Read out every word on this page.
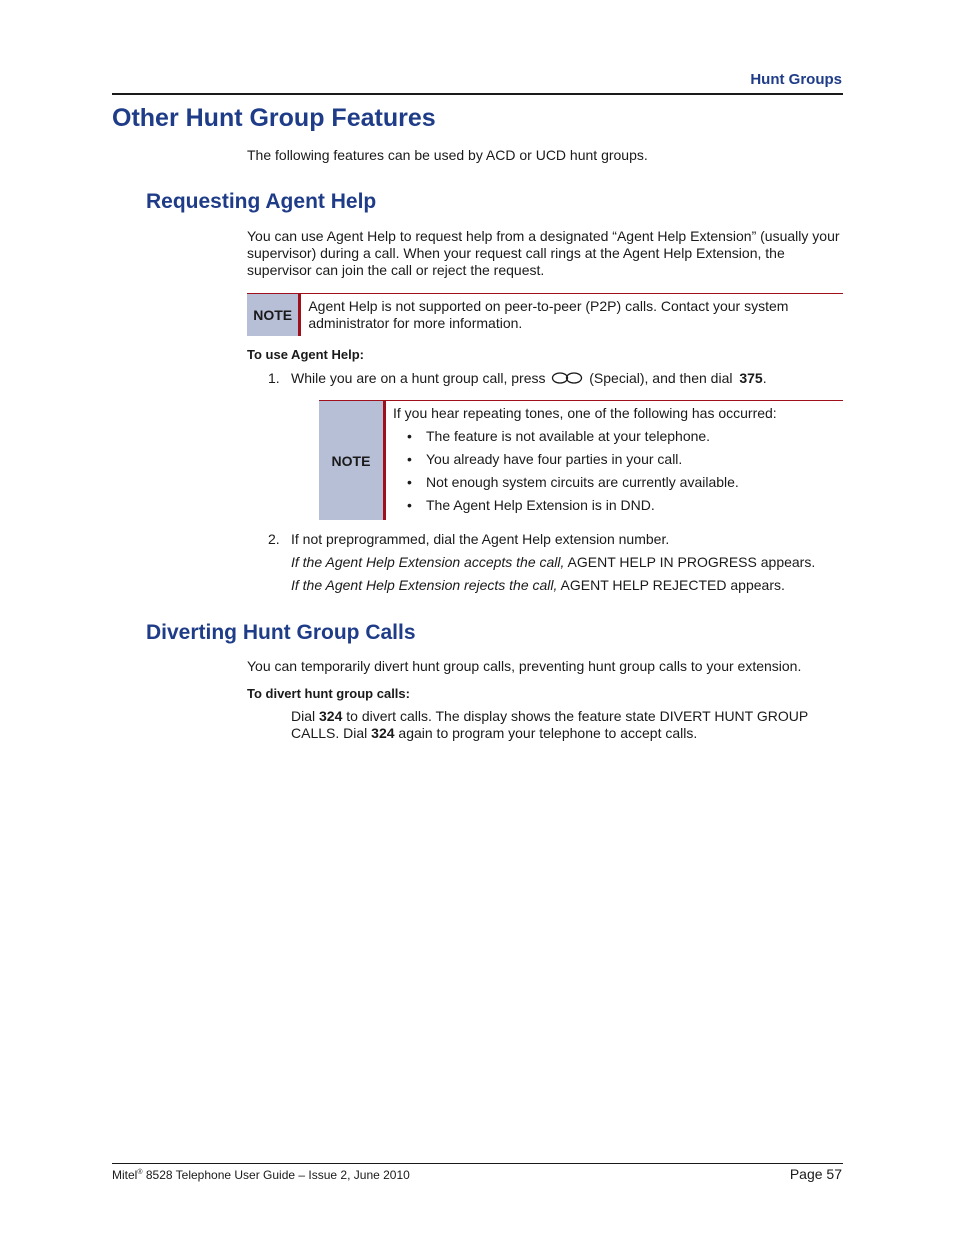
Hunt Groups
Other Hunt Group Features
The following features can be used by ACD or UCD hunt groups.
Requesting Agent Help
You can use Agent Help to request help from a designated “Agent Help Extension” (usually your supervisor) during a call. When your request call rings at the Agent Help Extension, the supervisor can join the call or reject the request.
NOTE
Agent Help is not supported on peer-to-peer (P2P) calls. Contact your system administrator for more information.
To use Agent Help:
1. While you are on a hunt group call, press	(Special), and then dial 375.
NOTE
If you hear repeating tones, one of the following has occurred:
• The feature is not available at your telephone.
• You already have four parties in your call.
• Not enough system circuits are currently available.
• The Agent Help Extension is in DND.
2. If not preprogrammed, dial the Agent Help extension number.
If the Agent Help Extension accepts the call, AGENT HELP IN PROGRESS appears.
If the Agent Help Extension rejects the call, AGENT HELP REJECTED appears.
Diverting Hunt Group Calls
You can temporarily divert hunt group calls, preventing hunt group calls to your extension.
To divert hunt group calls:
Dial 324 to divert calls. The display shows the feature state DIVERT HUNT GROUP
CALLS. Dial 324 again to program your telephone to accept calls.
Mitel® 8528 Telephone User Guide – Issue 2, June 2010	Page 57
